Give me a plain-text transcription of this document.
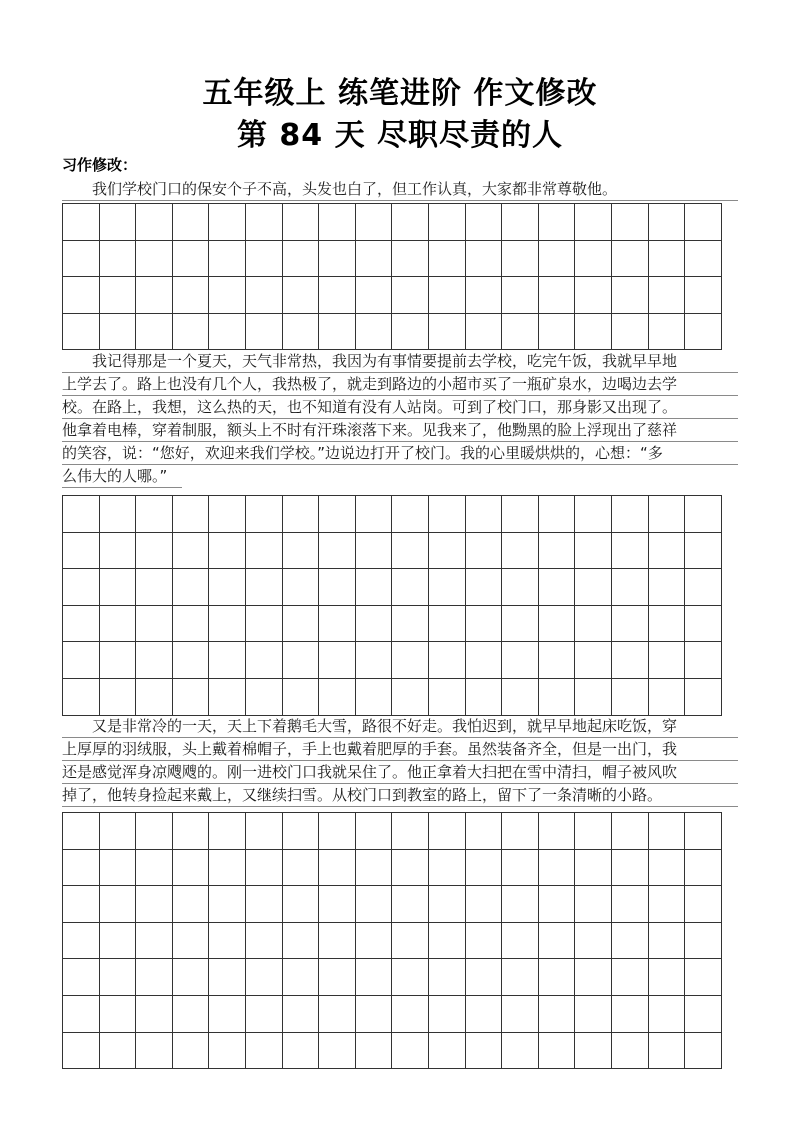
五年级上 练笔进阶 作文修改
第 84 天 尽职尽责的人
习作修改：
　　我们学校门口的保安个子不高，头发也白了，但工作认真，大家都非常尊敬他。
　　我记得那是一个夏天，天气非常热，我因为有事情要提前去学校，吃完午饭，我就早早地
上学去了。路上也没有几个人，我热极了，就走到路边的小超市买了一瓶矿泉水，边喝边去学
校。在路上，我想，这么热的天，也不知道有没有人站岗。可到了校门口，那身影又出现了。
他拿着电棒，穿着制服，额头上不时有汗珠滚落下来。见我来了，他黝黑的脸上浮现出了慈祥
的笑容，说：“您好，欢迎来我们学校。”边说边打开了校门。我的心里暖烘烘的，心想：“多
么伟大的人哪。”
　　又是非常冷的一天，天上下着鹅毛大雪，路很不好走。我怕迟到，就早早地起床吃饭，穿
上厚厚的羽绒服，头上戴着棉帽子，手上也戴着肥厚的手套。虽然装备齐全，但是一出门，我
还是感觉浑身凉飕飕的。刚一进校门口我就呆住了。他正拿着大扫把在雪中清扫，帽子被风吹
掉了，他转身捡起来戴上，又继续扫雪。从校门口到教室的路上，留下了一条清晰的小路。
